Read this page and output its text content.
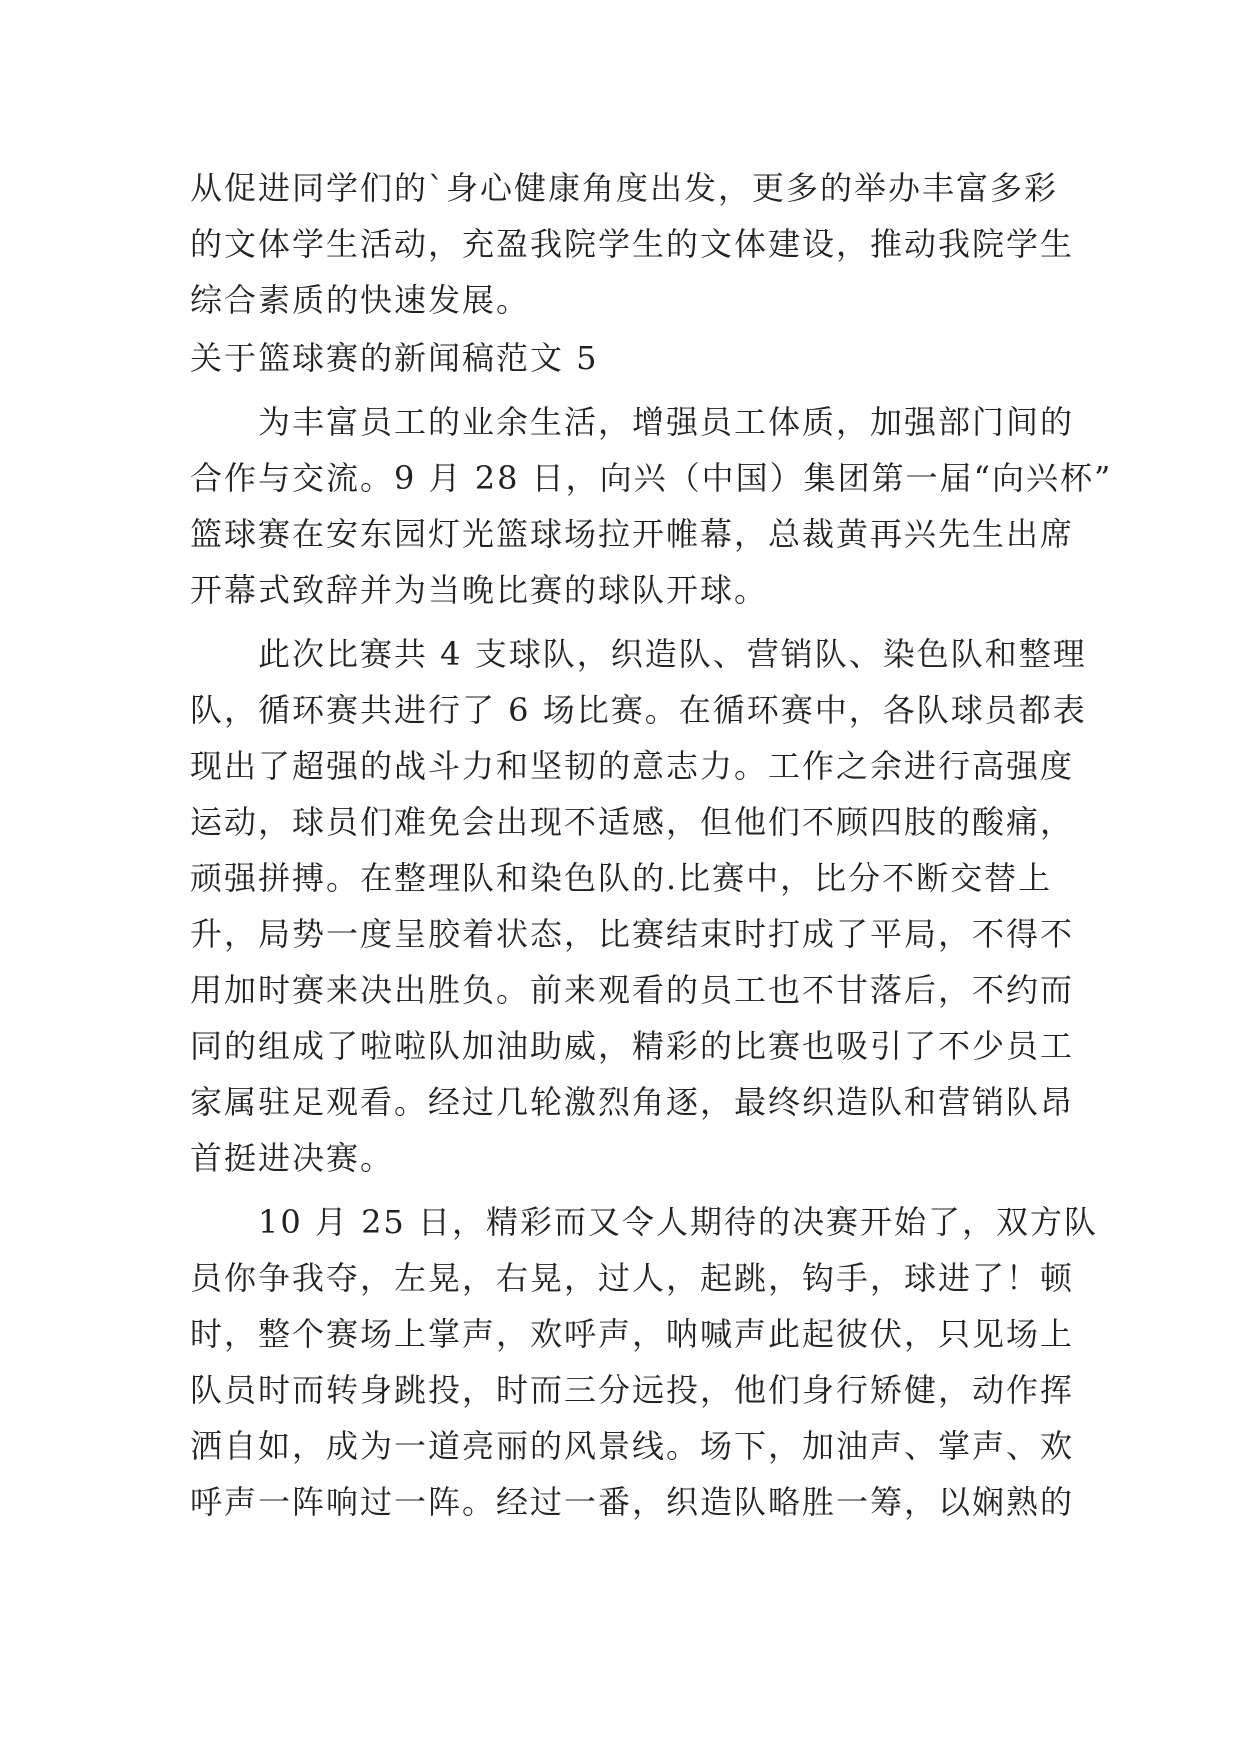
从促进同学们的`身心健康角度出发，更多的举办丰富多彩
的文体学生活动，充盈我院学生的文体建设，推动我院学生
综合素质的快速发展。
关于篮球赛的新闻稿范文 5
为丰富员工的业余生活，增强员工体质，加强部门间的
合作与交流。9 月 28 日，向兴（中国）集团第一届“向兴杯”
篮球赛在安东园灯光篮球场拉开帷幕，总裁黄再兴先生出席
开幕式致辞并为当晚比赛的球队开球。
此次比赛共 4 支球队，织造队、营销队、染色队和整理
队，循环赛共进行了 6 场比赛。在循环赛中，各队球员都表
现出了超强的战斗力和坚韧的意志力。工作之余进行高强度
运动，球员们难免会出现不适感，但他们不顾四肢的酸痛，
顽强拼搏。在整理队和染色队的.比赛中，比分不断交替上
升，局势一度呈胶着状态，比赛结束时打成了平局，不得不
用加时赛来决出胜负。前来观看的员工也不甘落后，不约而
同的组成了啦啦队加油助威，精彩的比赛也吸引了不少员工
家属驻足观看。经过几轮激烈角逐，最终织造队和营销队昂
首挺进决赛。
10 月 25 日，精彩而又令人期待的决赛开始了，双方队
员你争我夺，左晃，右晃，过人，起跳，钩手，球进了！顿
时，整个赛场上掌声，欢呼声，呐喊声此起彼伏，只见场上
队员时而转身跳投，时而三分远投，他们身行矫健，动作挥
洒自如，成为一道亮丽的风景线。场下，加油声、掌声、欢
呼声一阵响过一阵。经过一番，织造队略胜一筹，以娴熟的
